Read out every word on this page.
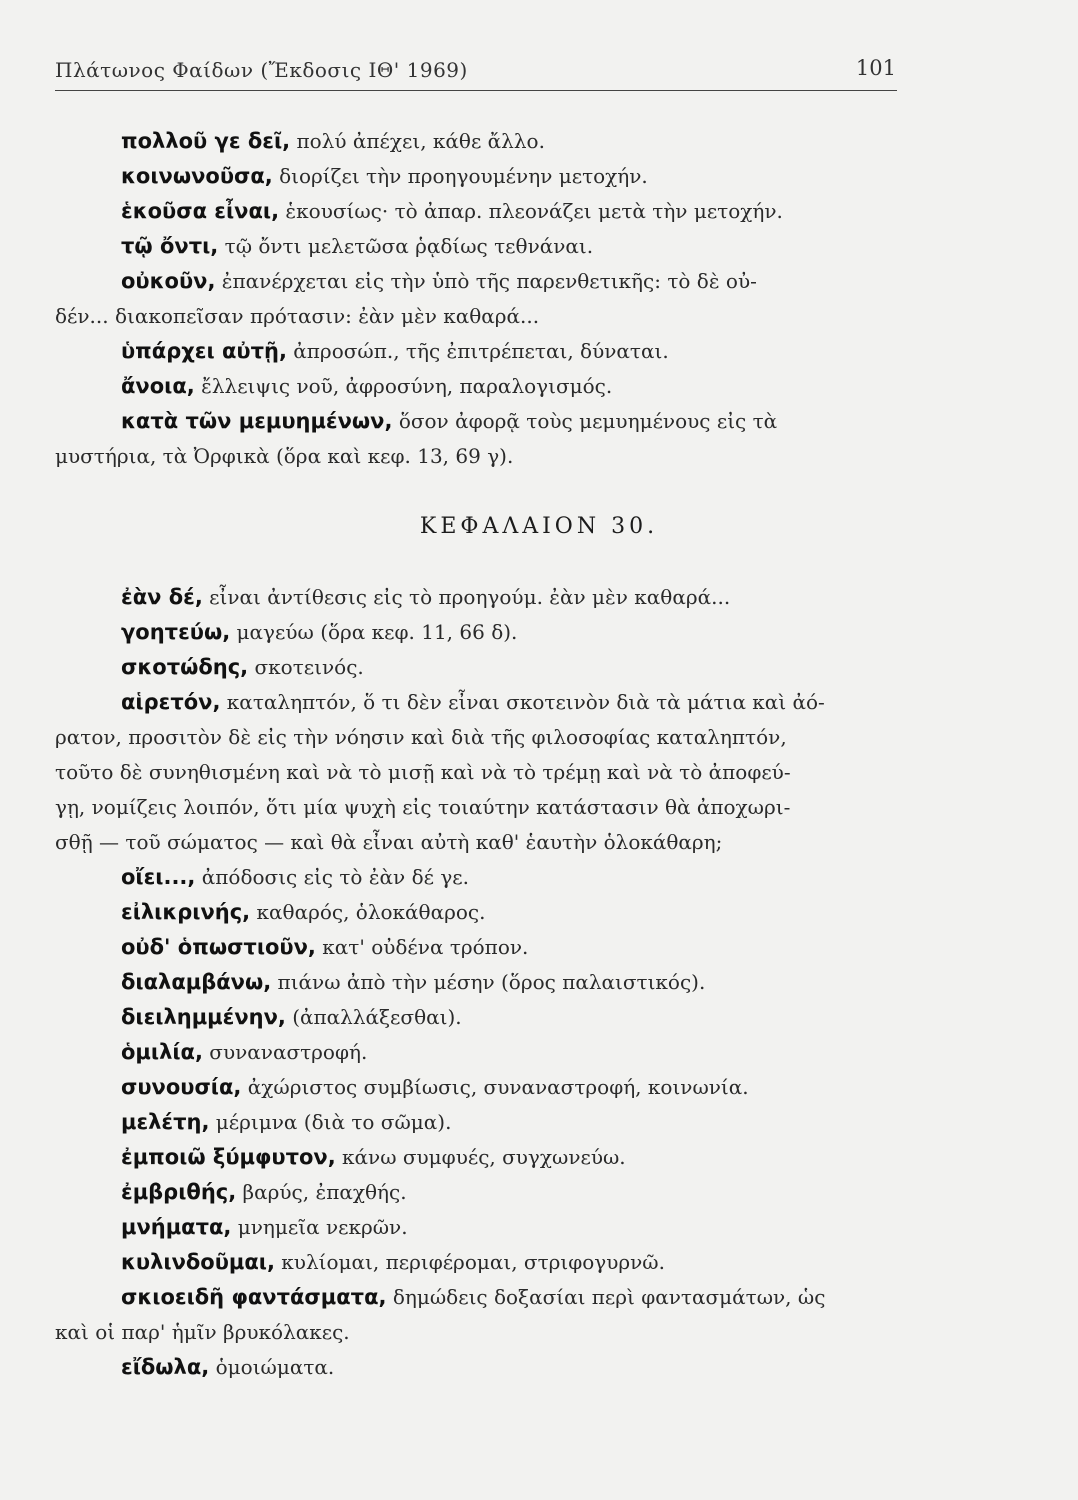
Πλάτωνος Φαίδων (Ἔκδοσις ΙΘ' 1969)	101
πολλοῦ γε δεῖ, πολύ ἀπέχει, κάθε ἄλλο.
κοινωνοῦσα, διορίζει τὴν προηγουμένην μετοχήν.
ἑκοῦσα εἶναι, ἑκουσίως· τὸ ἀπαρ. πλεονάζει μετὰ τὴν μετοχήν.
τῷ ὄντι, τῷ ὄντι μελετῶσα ῥᾳδίως τεθνάναι.
οὐκοῦν, ἐπανέρχεται εἰς τὴν ὑπὸ τῆς παρενθετικῆς: τὸ δὲ οὐ-
δέν... διακοπεῖσαν πρότασιν: ἐὰν μὲν καθαρά...
ὑπάρχει αὐτῇ, ἀπροσώπ., τῆς ἐπιτρέπεται, δύναται.
ἄνοια, ἔλλειψις νοῦ, ἀφροσύνη, παραλογισμός.
κατὰ τῶν μεμυημένων, ὅσον ἀφορᾷ τοὺς μεμυημένους εἰς τὰ
μυστήρια, τὰ Ὀρφικὰ (ὅρα καὶ κεφ. 13, 69 γ).
ΚΕΦΑΛΑΙΟΝ 30.
ἐὰν δέ, εἶναι ἀντίθεσις εἰς τὸ προηγούμ. ἐὰν μὲν καθαρά...
γοητεύω, μαγεύω (ὅρα κεφ. 11, 66 δ).
σκοτώδης, σκοτεινός.
αἱρετόν, καταληπτόν, ὅ τι δὲν εἶναι σκοτεινὸν διὰ τὰ μάτια καὶ ἀό-
ρατον, προσιτὸν δὲ εἰς τὴν νόησιν καὶ διὰ τῆς φιλοσοφίας καταληπτόν,
τοῦτο δὲ συνηθισμένη καὶ νὰ τὸ μισῇ καὶ νὰ τὸ τρέμῃ καὶ νὰ τὸ ἀποφεύ-
γῃ, νομίζεις λοιπόν, ὅτι μία ψυχὴ εἰς τοιαύτην κατάστασιν θὰ ἀποχωρι-
σθῇ — τοῦ σώματος — καὶ θὰ εἶναι αὐτὴ καθ' ἑαυτὴν ὁλοκάθαρη;
οἴει..., ἀπόδοσις εἰς τὸ ἐὰν δέ γε.
εἰλικρινής, καθαρός, ὁλοκάθαρος.
οὐδ' ὁπωστιοῦν, κατ' οὐδένα τρόπον.
διαλαμβάνω, πιάνω ἀπὸ τὴν μέσην (ὅρος παλαιστικός).
διειλημμένην, (ἀπαλλάξεσθαι).
ὁμιλία, συναναστροφή.
συνουσία, ἀχώριστος συμβίωσις, συναναστροφή, κοινωνία.
μελέτη, μέριμνα (διὰ το σῶμα).
ἐμποιῶ ξύμφυτον, κάνω συμφυές, συγχωνεύω.
ἐμβριθής, βαρύς, ἐπαχθής.
μνήματα, μνημεῖα νεκρῶν.
κυλινδοῦμαι, κυλίομαι, περιφέρομαι, στριφογυρνῶ.
σκιοειδῆ φαντάσματα, δημώδεις δοξασίαι περὶ φαντασμάτων, ὡς
καὶ οἱ παρ' ἡμῖν βρυκόλακες.
εἴδωλα, ὁμοιώματα.
